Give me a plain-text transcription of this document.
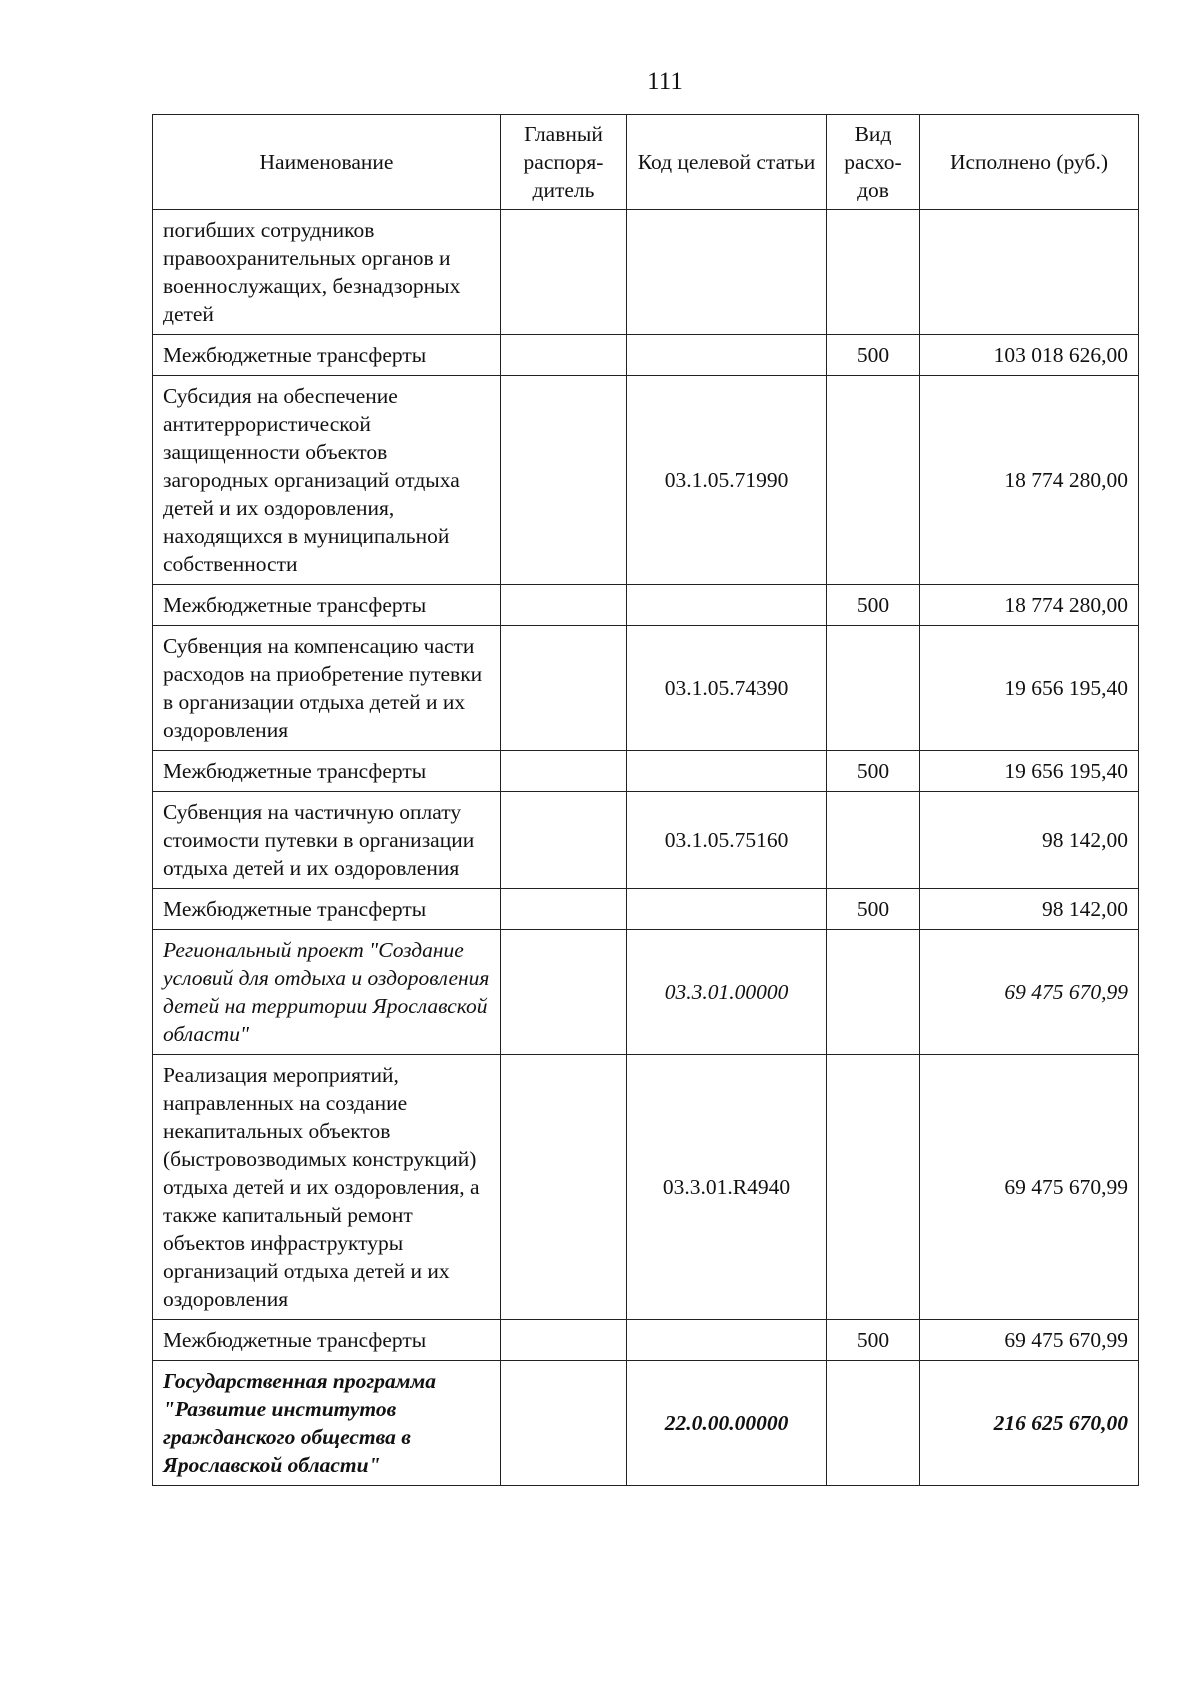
111
Наименование	Главный распоря-дитель	Код целевой статьи	Вид расхо-дов	Исполнено (руб.)
погибших сотрудников правоохранительных органов и военнослужащих, безнадзорных детей				
Межбюджетные трансферты			500	103 018 626,00
Субсидия на обеспечение антитеррористической защищенности объектов загородных организаций отдыха детей и их оздоровления, находящихся в муниципальной собственности		03.1.05.71990		18 774 280,00
Межбюджетные трансферты			500	18 774 280,00
Субвенция на компенсацию части расходов на приобретение путевки в организации отдыха детей и их оздоровления		03.1.05.74390		19 656 195,40
Межбюджетные трансферты			500	19 656 195,40
Субвенция на частичную оплату стоимости путевки в организации отдыха детей и их оздоровления		03.1.05.75160		98 142,00
Межбюджетные трансферты			500	98 142,00
Региональный проект "Создание условий для отдыха и оздоровления детей на территории Ярославской области"		03.3.01.00000		69 475 670,99
Реализация мероприятий, направленных на создание некапитальных объектов (быстровозводимых конструкций) отдыха детей и их оздоровления, а также капитальный ремонт объектов инфраструктуры организаций отдыха детей и их оздоровления		03.3.01.R4940		69 475 670,99
Межбюджетные трансферты			500	69 475 670,99
Государственная программа "Развитие институтов гражданского общества в Ярославской области"		22.0.00.00000		216 625 670,00
